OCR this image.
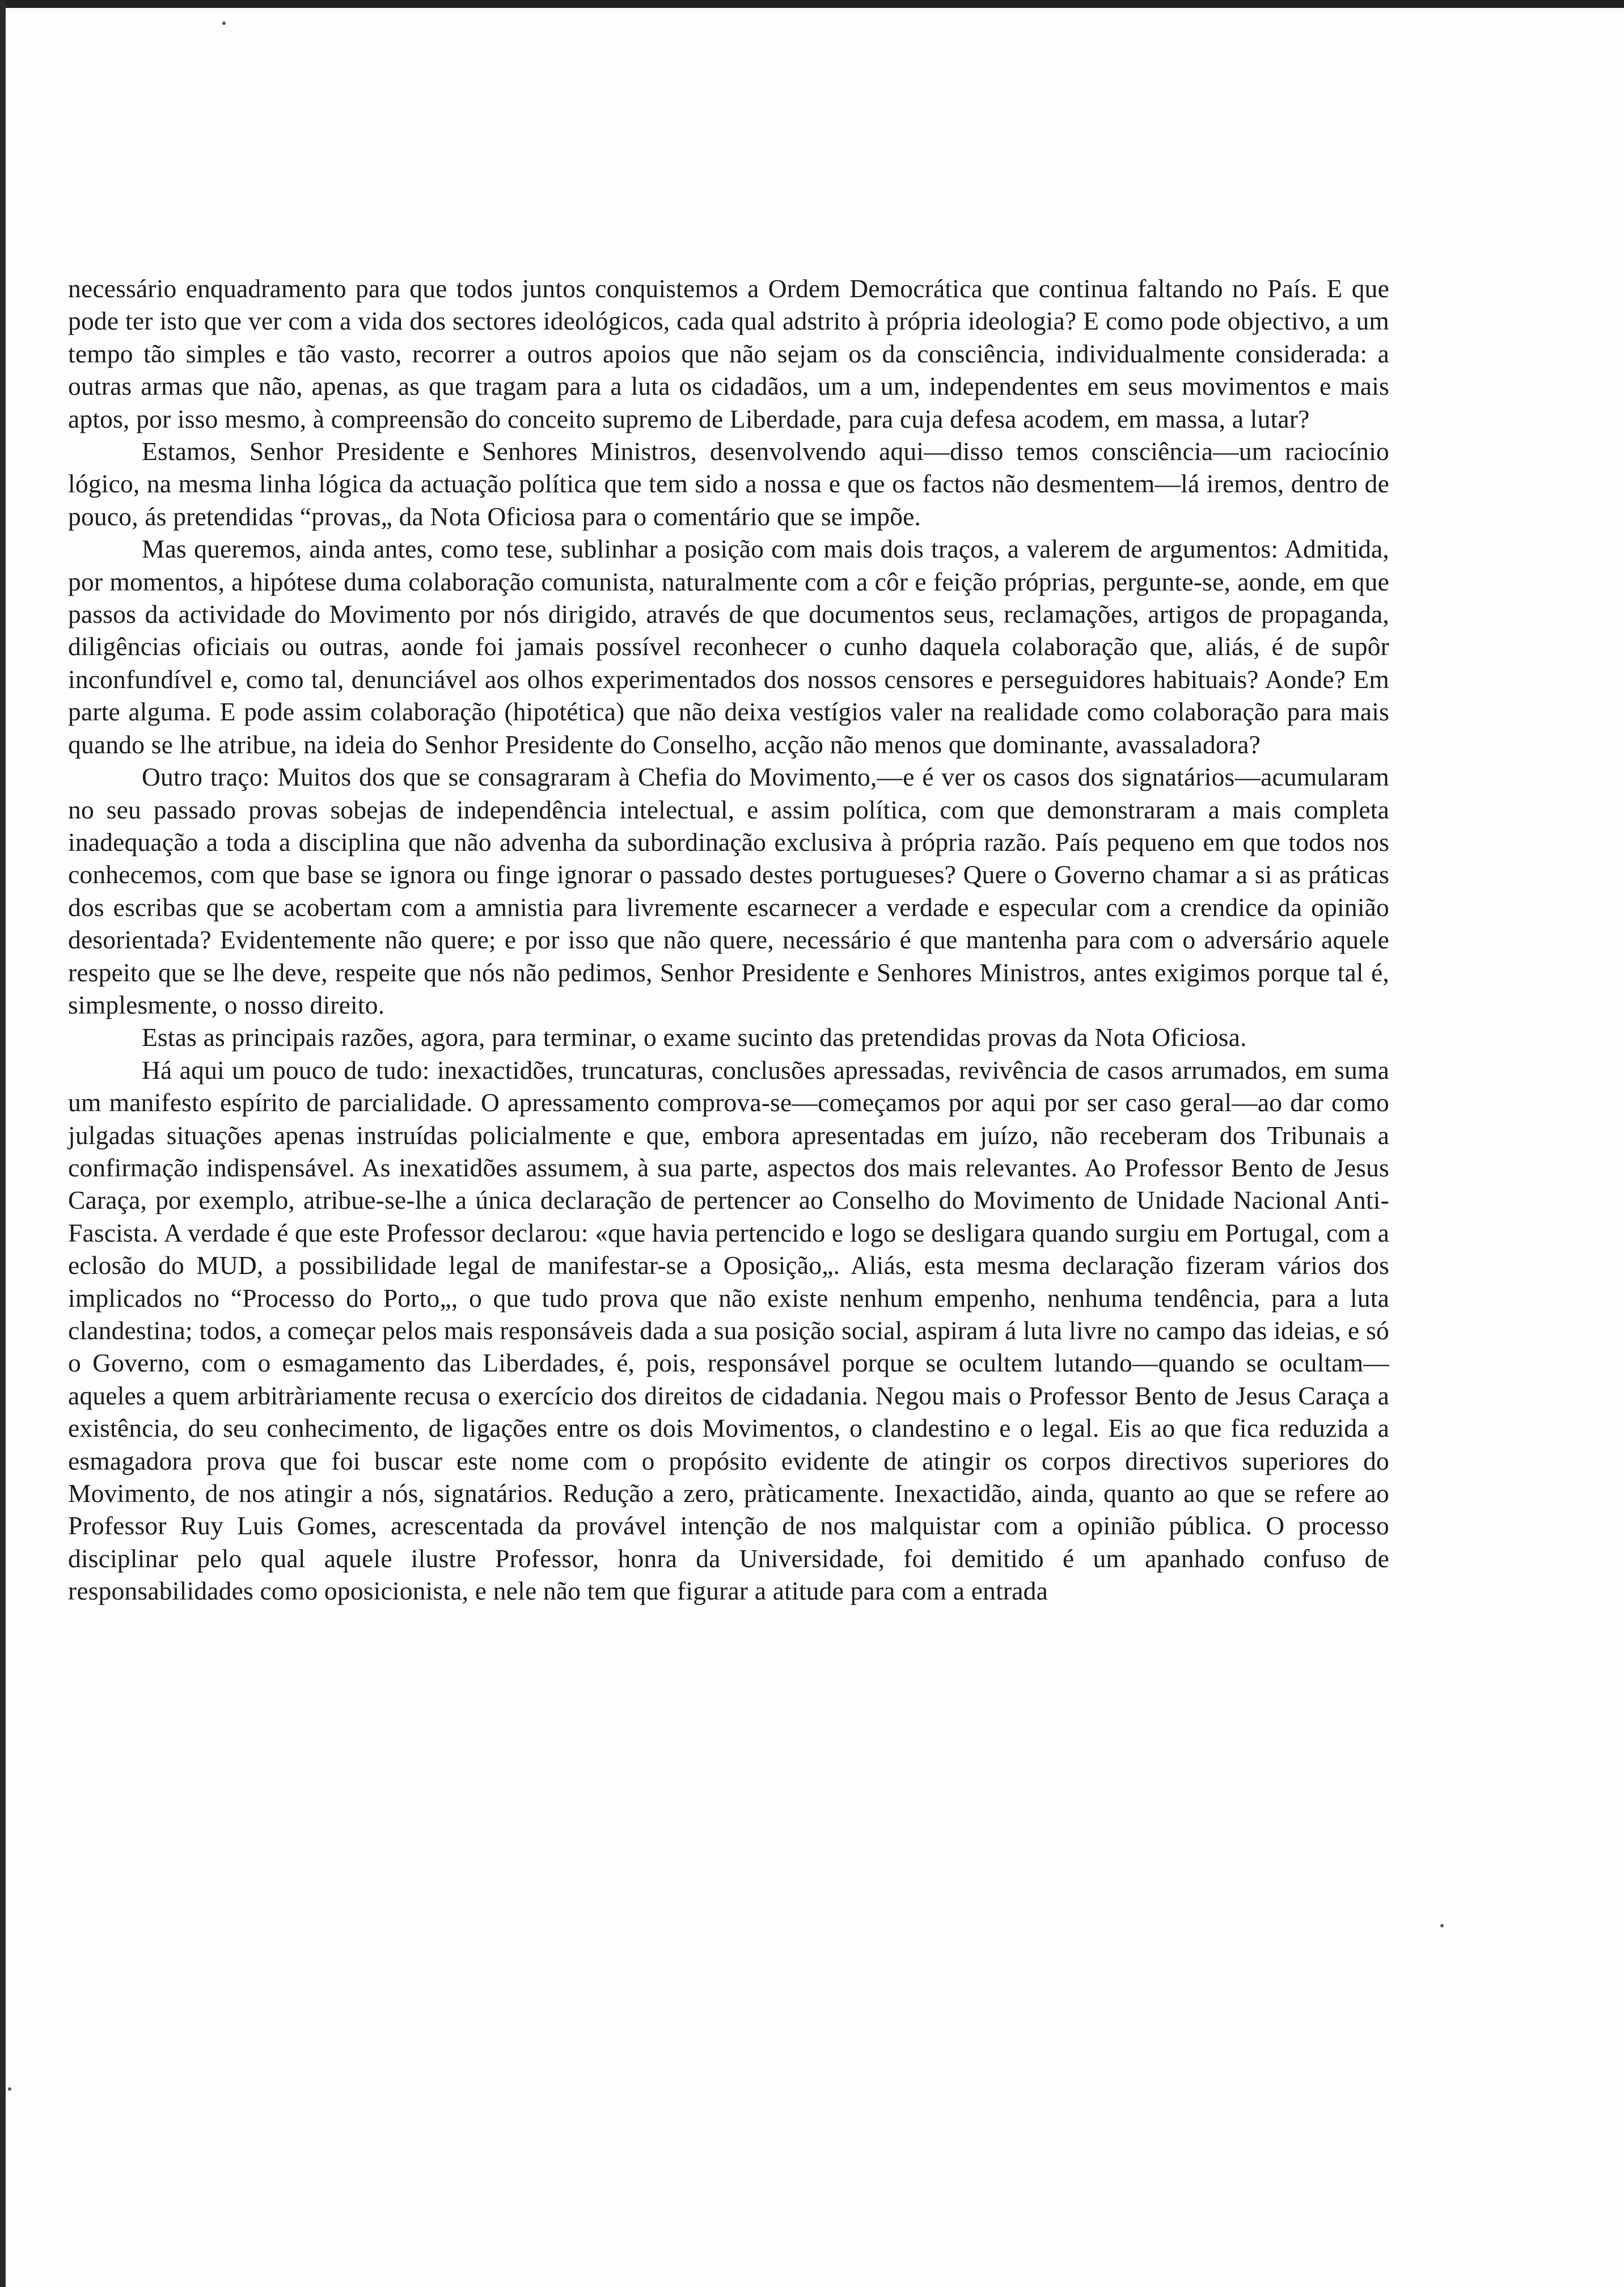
necessário enquadramento para que todos juntos conquistemos a Ordem Democrática que continua faltando no País. E que pode ter isto que ver com a vida dos sectores ideológicos, cada qual adstrito à própria ideologia? E como pode objectivo, a um tempo tão simples e tão vasto, recorrer a outros apoios que não sejam os da consciência, individualmente considerada: a outras armas que não, apenas, as que tragam para a luta os cidadãos, um a um, independentes em seus movimentos e mais aptos, por isso mesmo, à compreensão do conceito supremo de Liberdade, para cuja defesa acodem, em massa, a lutar?

Estamos, Senhor Presidente e Senhores Ministros, desenvolvendo aqui—disso temos consciência—um raciocínio lógico, na mesma linha lógica da actuação política que tem sido a nossa e que os factos não desmentem—lá iremos, dentro de pouco, ás pretendidas “provas„ da Nota Oficiosa para o comentário que se impõe.

Mas queremos, ainda antes, como tese, sublinhar a posição com mais dois traços, a valerem de argumentos: Admitida, por momentos, a hipótese duma colaboração comunista, naturalmente com a côr e feição próprias, pergunte-se, aonde, em que passos da actividade do Movimento por nós dirigido, através de que documentos seus, reclamações, artigos de propaganda, diligências oficiais ou outras, aonde foi jamais possível reconhecer o cunho daquela colaboração que, aliás, é de supôr inconfundível e, como tal, denunciável aos olhos experimentados dos nossos censores e perseguidores habituais? Aonde? Em parte alguma. E pode assim colaboração (hipotética) que não deixa vestígios valer na realidade como colaboração para mais quando se lhe atribue, na ideia do Senhor Presidente do Conselho, acção não menos que dominante, avassaladora?

Outro traço: Muitos dos que se consagraram à Chefia do Movimento,—e é ver os casos dos signatários—acumularam no seu passado provas sobejas de independência intelectual, e assim política, com que demonstraram a mais completa inadequação a toda a disciplina que não advenha da subordinação exclusiva à própria razão. País pequeno em que todos nos conhecemos, com que base se ignora ou finge ignorar o passado destes portugueses? Quere o Governo chamar a si as práticas dos escribas que se acobertam com a amnistia para livremente escarnecer a verdade e especular com a crendice da opinião desorientada? Evidentemente não quere; e por isso que não quere, necessário é que mantenha para com o adversário aquele respeito que se lhe deve, respeite que nós não pedimos, Senhor Presidente e Senhores Ministros, antes exigimos porque tal é, simplesmente, o nosso direito.

Estas as principais razões, agora, para terminar, o exame sucinto das pretendidas provas da Nota Oficiosa.

Há aqui um pouco de tudo: inexactidões, truncaturas, conclusões apressadas, revivência de casos arrumados, em suma um manifesto espírito de parcialidade. O apressamento comprova-se—começamos por aqui por ser caso geral—ao dar como julgadas situações apenas instruídas policialmente e que, embora apresentadas em juízo, não receberam dos Tribunais a confirmação indispensável. As inexatidões assumem, à sua parte, aspectos dos mais relevantes. Ao Professor Bento de Jesus Caraça, por exemplo, atribue-se-lhe a única declaração de pertencer ao Conselho do Movimento de Unidade Nacional Anti-Fascista. A verdade é que este Professor declarou: «que havia pertencido e logo se desligara quando surgiu em Portugal, com a eclosão do MUD, a possibilidade legal de manifestar-se a Oposição„. Aliás, esta mesma declaração fizeram vários dos implicados no “Processo do Porto„, o que tudo prova que não existe nenhum empenho, nenhuma tendência, para a luta clandestina; todos, a começar pelos mais responsáveis dada a sua posição social, aspiram á luta livre no campo das ideias, e só o Governo, com o esmagamento das Liberdades, é, pois, responsável porque se ocultem lutando—quando se ocultam—aqueles a quem arbitràriamente recusa o exercício dos direitos de cidadania. Negou mais o Professor Bento de Jesus Caraça a existência, do seu conhecimento, de ligações entre os dois Movimentos, o clandestino e o legal. Eis ao que fica reduzida a esmagadora prova que foi buscar este nome com o propósito evidente de atingir os corpos directivos superiores do Movimento, de nos atingir a nós, signatários. Redução a zero, pràticamente. Inexactidão, ainda, quanto ao que se refere ao Professor Ruy Luis Gomes, acrescentada da provável intenção de nos malquistar com a opinião pública. O processo disciplinar pelo qual aquele ilustre Professor, honra da Universidade, foi demitido é um apanhado confuso de responsabilidades como oposicionista, e nele não tem que figurar a atitude para com a entrada
